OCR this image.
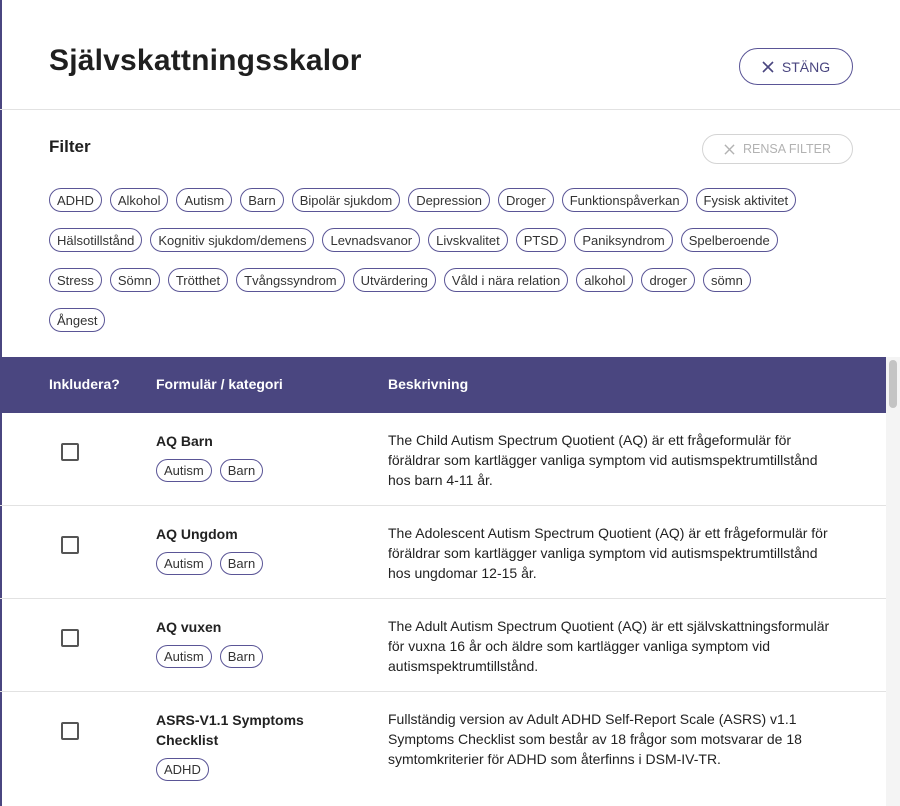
Självskattningsskalor	STÄNG
Filter	RENSA FILTER
ADHD	Alkohol	Autism	Barn	Bipolär sjukdom	Depression	Droger	Funktionspåverkan	Fysisk aktivitet
Hälsotillstånd	Kognitiv sjukdom/demens	Levnadsvanor	Livskvalitet	PTSD	Paniksyndrom	Spelberoende
Stress	Sömn	Trötthet	Tvångssyndrom	Utvärdering	Våld i nära relation	alkohol	droger	sömn
Ångest
Inkludera?	Formulär / kategori	Beskrivning
AQ Barn
Autism	Barn
The Child Autism Spectrum Quotient (AQ) är ett frågeformulär för föräldrar som kartlägger vanliga symptom vid autismspektrumtillstånd hos barn 4-11 år.
AQ Ungdom
Autism	Barn
The Adolescent Autism Spectrum Quotient (AQ) är ett frågeformulär för föräldrar som kartlägger vanliga symptom vid autismspektrumtillstånd hos ungdomar 12-15 år.
AQ vuxen
Autism	Barn
The Adult Autism Spectrum Quotient (AQ) är ett självskattningsformulär för vuxna 16 år och äldre som kartlägger vanliga symptom vid autismspektrumtillstånd.
ASRS-V1.1 Symptoms Checklist
ADHD
Fullständig version av Adult ADHD Self-Report Scale (ASRS) v1.1 Symptoms Checklist som består av 18 frågor som motsvarar de 18 symtomkriterier för ADHD som återfinns i DSM-IV-TR.
